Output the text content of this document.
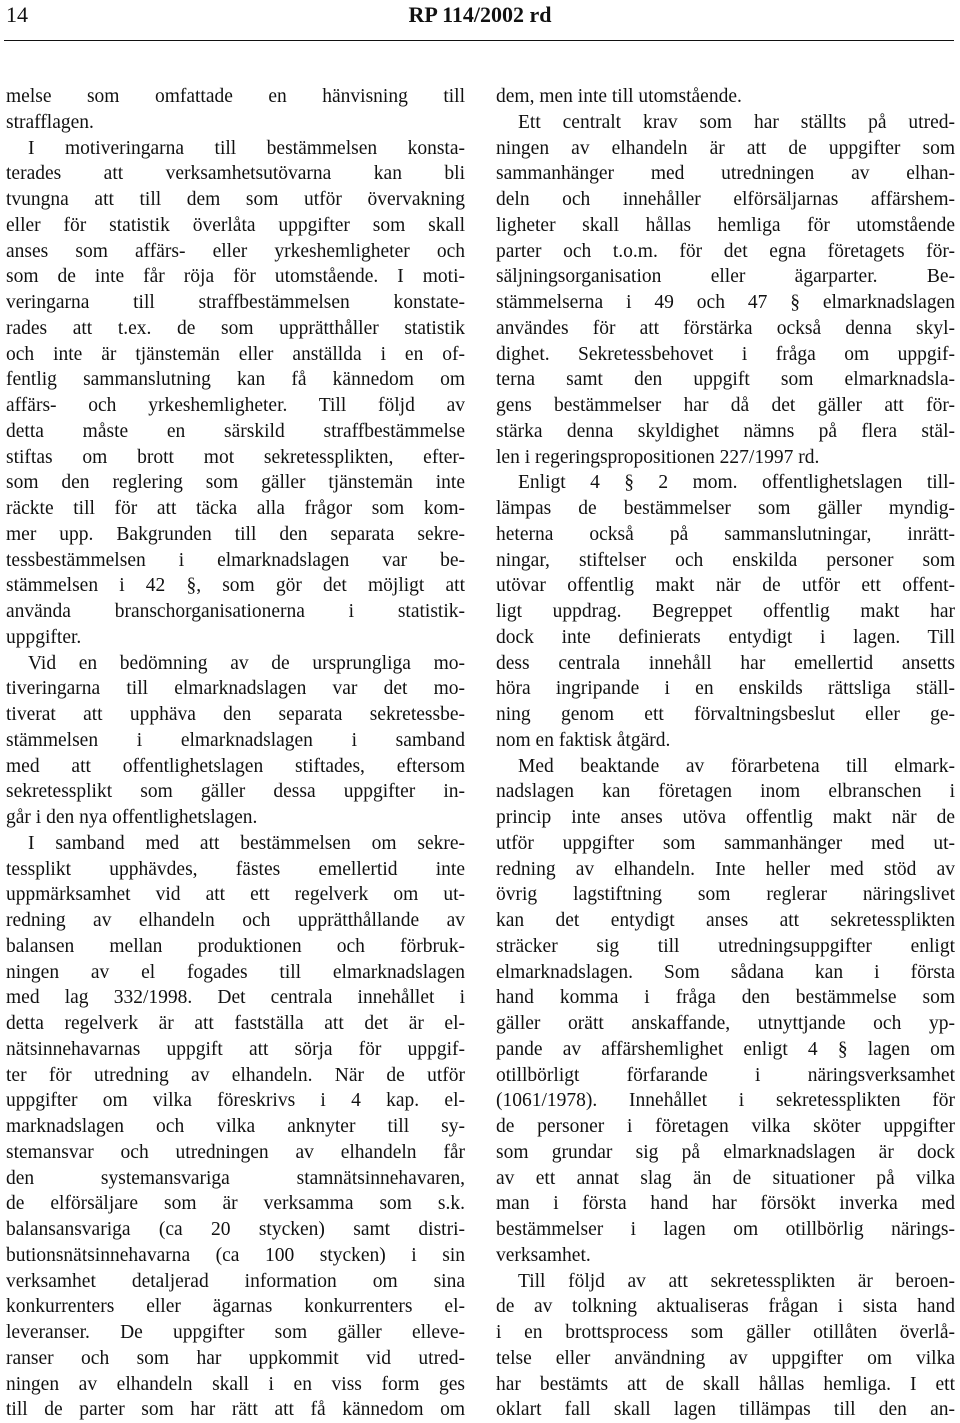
14	RP 114/2002 rd
melse som omfattade en hänvisning till
strafflagen.
I motiveringarna till bestämmelsen konsta-
terades att verksamhetsutövarna kan bli
tvungna att till dem som utför övervakning
eller för statistik överlåta uppgifter som skall
anses som affärs- eller yrkeshemligheter och
som de inte får röja för utomstående. I moti-
veringarna till straffbestämmelsen konstate-
rades att t.ex. de som upprätthåller statistik
och inte är tjänstemän eller anställda i en of-
fentlig sammanslutning kan få kännedom om
affärs- och yrkeshemligheter. Till följd av
detta måste en särskild straffbestämmelse
stiftas om brott mot sekretessplikten, efter-
som den reglering som gäller tjänstemän inte
räckte till för att täcka alla frågor som kom-
mer upp. Bakgrunden till den separata sekre-
tessbestämmelsen i elmarknadslagen var be-
stämmelsen i 42 §, som gör det möjligt att
använda branschorganisationerna i statistik-
uppgifter.
Vid en bedömning av de ursprungliga mo-
tiveringarna till elmarknadslagen var det mo-
tiverat att upphäva den separata sekretessbe-
stämmelsen i elmarknadslagen i samband
med att offentlighetslagen stiftades, eftersom
sekretessplikt som gäller dessa uppgifter in-
går i den nya offentlighetslagen.
I samband med att bestämmelsen om sekre-
tessplikt upphävdes, fästes emellertid inte
uppmärksamhet vid att ett regelverk om ut-
redning av elhandeln och upprätthållande av
balansen mellan produktionen och förbruk-
ningen av el fogades till elmarknadslagen
med lag 332/1998. Det centrala innehållet i
detta regelverk är att fastställa att det är el-
nätsinnehavarnas uppgift att sörja för uppgif-
ter för utredning av elhandeln. När de utför
uppgifter om vilka föreskrivs i 4 kap. el-
marknadslagen och vilka anknyter till sy-
stemansvar och utredningen av elhandeln får
den systemansvariga stamnätsinnehavaren,
de elförsäljare som är verksamma som s.k.
balansansvariga (ca 20 stycken) samt distri-
butionsnätsinnehavarna (ca 100 stycken) i sin
verksamhet detaljerad information om sina
konkurrenters eller ägarnas konkurrenters el-
leveranser. De uppgifter som gäller elleve-
ranser och som har uppkommit vid utred-
ningen av elhandeln skall i en viss form ges
till de parter som har rätt att få kännedom om
dem, men inte till utomstående.
Ett centralt krav som har ställts på utred-
ningen av elhandeln är att de uppgifter som
sammanhänger med utredningen av elhan-
deln och innehåller elförsäljarnas affärshem-
ligheter skall hållas hemliga för utomstående
parter och t.o.m. för det egna företagets för-
säljningsorganisation eller ägarparter. Be-
stämmelserna i 49 och 47 § elmarknadslagen
användes för att förstärka också denna skyl-
dighet. Sekretessbehovet i fråga om uppgif-
terna samt den uppgift som elmarknadsla-
gens bestämmelser har då det gäller att för-
stärka denna skyldighet nämns på flera stäl-
len i regeringspropositionen 227/1997 rd.
Enligt 4 § 2 mom. offentlighetslagen till-
lämpas de bestämmelser som gäller myndig-
heterna också på sammanslutningar, inrätt-
ningar, stiftelser och enskilda personer som
utövar offentlig makt när de utför ett offent-
ligt uppdrag. Begreppet offentlig makt har
dock inte definierats entydigt i lagen. Till
dess centrala innehåll har emellertid ansetts
höra ingripande i en enskilds rättsliga ställ-
ning genom ett förvaltningsbeslut eller ge-
nom en faktisk åtgärd.
Med beaktande av förarbetena till elmark-
nadslagen kan företagen inom elbranschen i
princip inte anses utöva offentlig makt när de
utför uppgifter som sammanhänger med ut-
redning av elhandeln. Inte heller med stöd av
övrig lagstiftning som reglerar näringslivet
kan det entydigt anses att sekretessplikten
sträcker sig till utredningsuppgifter enligt
elmarknadslagen. Som sådana kan i första
hand komma i fråga den bestämmelse som
gäller orätt anskaffande, utnyttjande och yp-
pande av affärshemlighet enligt 4 § lagen om
otillbörligt förfarande i näringsverksamhet
(1061/1978). Innehållet i sekretessplikten för
de personer i företagen vilka sköter uppgifter
som grundar sig på elmarknadslagen är dock
av ett annat slag än de situationer på vilka
man i första hand har försökt inverka med
bestämmelser i lagen om otillbörlig närings-
verksamhet.
Till följd av att sekretessplikten är beroen-
de av tolkning aktualiseras frågan i sista hand
i en brottsprocess som gäller otillåten överlå-
telse eller användning av uppgifter om vilka
har bestämts att de skall hållas hemliga. I ett
oklart fall skall lagen tillämpas till den an-
